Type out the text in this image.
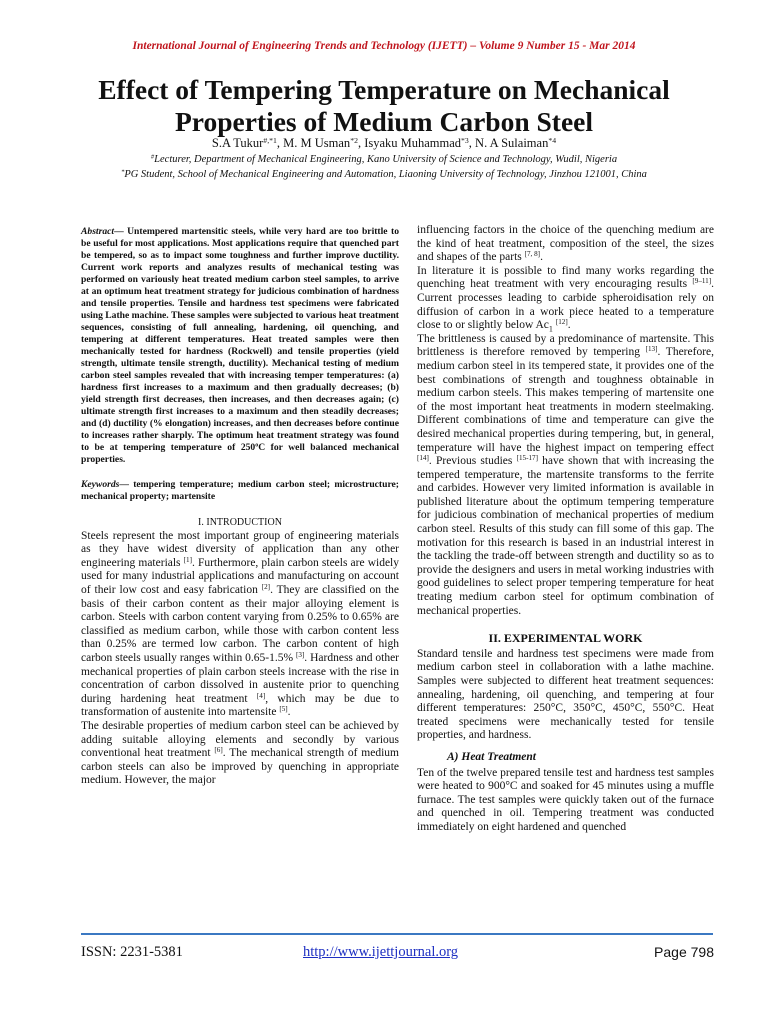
International Journal of Engineering Trends and Technology (IJETT) – Volume 9 Number 15 - Mar 2014
Effect of Tempering Temperature on Mechanical Properties of Medium Carbon Steel
S.A Tukur$^{\#,*1}$, M. M Usman$^{*2}$, Isyaku Muhammad$^{*3}$, N. A Sulaiman$^{*4}$
#Lecturer, Department of Mechanical Engineering, Kano University of Science and Technology, Wudil, Nigeria
*PG Student, School of Mechanical Engineering and Automation, Liaoning University of Technology, Jinzhou 121001, China

Abstract— Untempered martensitic steels, while very hard are too brittle to be useful for most applications. Most applications require that quenched part be tempered, so as to impact some toughness and further improve ductility. Current work reports and analyzes results of mechanical testing was performed on variously heat treated medium carbon steel samples, to arrive at an optimum heat treatment strategy for judicious combination of hardness and tensile properties. Tensile and hardness test specimens were fabricated using Lathe machine. These samples were subjected to various heat treatment sequences, consisting of full annealing, hardening, oil quenching, and tempering at different temperatures. Heat treated samples were then mechanically tested for hardness (Rockwell) and tensile properties (yield strength, ultimate tensile strength, ductility). Mechanical testing of medium carbon steel samples revealed that with increasing temper temperatures: (a) hardness first increases to a maximum and then gradually decreases; (b) yield strength first decreases, then increases, and then decreases again; (c) ultimate strength first increases to a maximum and then steadily decreases; and (d) ductility (% elongation) increases, and then decreases before continue to increases rather sharply. The optimum heat treatment strategy was found to be at tempering temperature of 250$^o$C for well balanced mechanical properties.

Keywords— tempering temperature; medium carbon steel; microstructure; mechanical property; martensite

I. INTRODUCTION

Steels represent the most important group of engineering materials as they have widest diversity of application than any other engineering materials [1]. Furthermore, plain carbon steels are widely used for many industrial applications and manufacturing on account of their low cost and easy fabrication [2]. They are classified on the basis of their carbon content as their major alloying element is carbon. Steels with carbon content varying from 0.25% to 0.65% are classified as medium carbon, while those with carbon content less than 0.25% are termed low carbon. The carbon content of high carbon steels usually ranges within 0.65-1.5% [3]. Hardness and other mechanical properties of plain carbon steels increase with the rise in concentration of carbon dissolved in austenite prior to quenching during hardening heat treatment [4], which may be due to transformation of austenite into martensite [5].

The desirable properties of medium carbon steel can be achieved by adding suitable alloying elements and secondly by various conventional heat treatment [6]. The mechanical strength of medium carbon steels can also be improved by quenching in appropriate medium. However, the major

influencing factors in the choice of the quenching medium are the kind of heat treatment, composition of the steel, the sizes and shapes of the parts [7, 8].

In literature it is possible to find many works regarding the quenching heat treatment with very encouraging results [9–11]. Current processes leading to carbide spheroidisation rely on diffusion of carbon in a work piece heated to a temperature close to or slightly below $Ac_1$ [12].

The brittleness is caused by a predominance of martensite. This brittleness is therefore removed by tempering [13]. Therefore, medium carbon steel in its tempered state, it provides one of the best combinations of strength and toughness obtainable in medium carbon steels. This makes tempering of martensite one of the most important heat treatments in modern steelmaking. Different combinations of time and temperature can give the desired mechanical properties during tempering, but, in general, temperature will have the highest impact on tempering effect [14]. Previous studies [15-17] have shown that with increasing the tempered temperature, the martensite transforms to the ferrite and carbides. However very limited information is available in published literature about the optimum tempering temperature for judicious combination of mechanical properties of medium carbon steel. Results of this study can fill some of this gap. The motivation for this research is based in an industrial interest in the tackling the trade-off between strength and ductility so as to provide the designers and users in metal working industries with good guidelines to select proper tempering temperature for heat treating medium carbon steel for optimum combination of mechanical properties.

II. EXPERIMENTAL WORK

Standard tensile and hardness test specimens were made from medium carbon steel in collaboration with a lathe machine. Samples were subjected to different heat treatment sequences: annealing, hardening, oil quenching, and tempering at four different temperatures: 250°C, 350°C, 450°C, 550°C. Heat treated specimens were mechanically tested for tensile properties, and hardness.

A) Heat Treatment

Ten of the twelve prepared tensile test and hardness test samples were heated to 900°C and soaked for 45 minutes using a muffle furnace. The test samples were quickly taken out of the furnace and quenched in oil. Tempering treatment was conducted immediately on eight hardened and quenched

ISSN: 2231-5381	http://www.ijettjournal.org	Page 798
